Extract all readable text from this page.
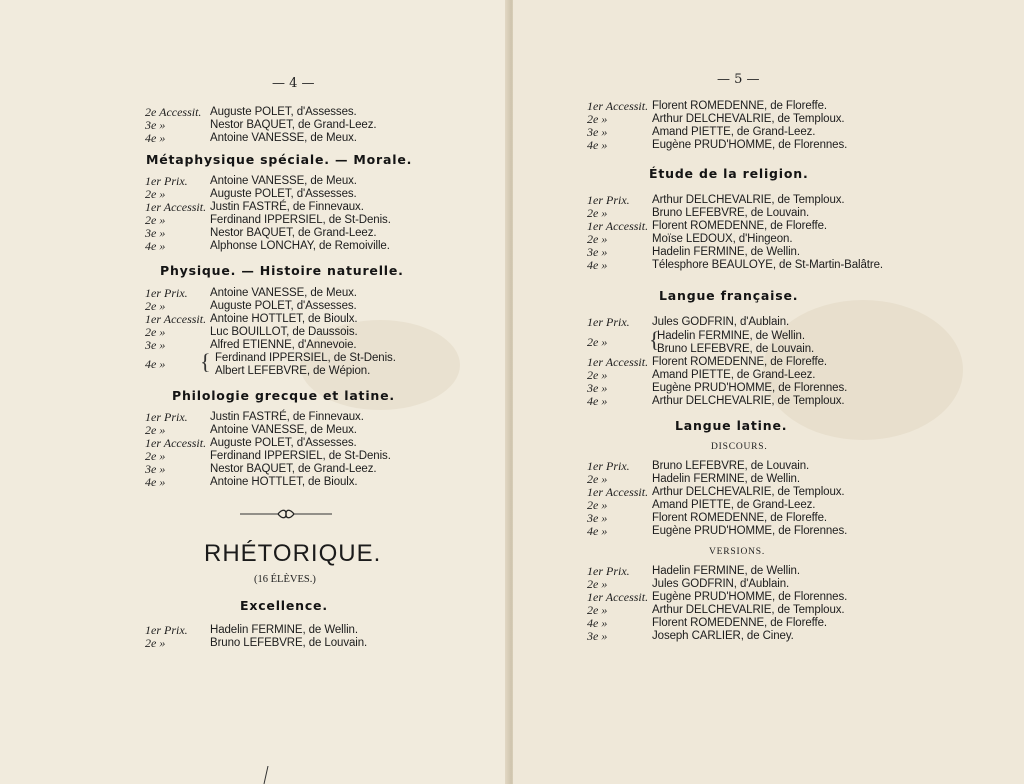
— 4 —
2e Accessit. Auguste POLET, d'Assesses.
3e »	Nestor BAQUET, de Grand-Leez.
4e »	Antoine VANESSE, de Meux.
Métaphysique spéciale. — Morale.
1er Prix.	Antoine VANESSE, de Meux.
2e »	Auguste POLET, d'Assesses.
1er Accessit. Justin FASTRÉ, de Finnevaux.
2e »	Ferdinand IPPERSIEL, de St-Denis.
3e »	Nestor BAQUET, de Grand-Leez.
4e »	Alphonse LONCHAY, de Remoiville.
Physique. — Histoire naturelle.
1er Prix.	Antoine VANESSE, de Meux.
2e »	Auguste POLET, d'Assesses.
1er Accessit. Antoine HOTTLET, de Bioulx.
2e »	Luc BOUILLOT, de Daussois.
3e »	Alfred ETIENNE, d'Annevoie.
4e »	{ Ferdinand IPPERSIEL, de St-Denis.
Albert LEFEBVRE, de Wépion.
Philologie grecque et latine.
1er Prix.	Justin FASTRÉ, de Finnevaux.
2e »	Antoine VANESSE, de Meux.
1er Accessit. Auguste POLET, d'Assesses.
2e »	Ferdinand IPPERSIEL, de St-Denis.
3e »	Nestor BAQUET, de Grand-Leez.
4e »	Antoine HOTTLET, de Bioulx.
RHÉTORIQUE.
(16 ÉLÈVES.)
Excellence.
1er Prix.	Hadelin FERMINE, de Wellin.
2e »	Bruno LEFEBVRE, de Louvain.
— 5 —
1er Accessit. Florent ROMEDENNE, de Floreffe.
2e »	Arthur DELCHEVALRIE, de Temploux.
3e »	Amand PIETTE, de Grand-Leez.
4e »	Eugène PRUD'HOMME, de Florennes.
Étude de la religion.
1er Prix.	Arthur DELCHEVALRIE, de Temploux.
2e »	Bruno LEFEBVRE, de Louvain.
1er Accessit. Florent ROMEDENNE, de Floreffe.
2e »	Moïse LEDOUX, d'Hingeon.
3e »	Hadelin FERMINE, de Wellin.
4e »	Télesphore BEAULOYE, de St-Martin-Balâtre.
Langue française.
1er Prix.	Jules GODFRIN, d'Aublain.
2e »	{
Hadelin FERMINE, de Wellin.
Bruno LEFEBVRE, de Louvain.
1er Accessit. Florent ROMEDENNE, de Floreffe.
2e »	Amand PIETTE, de Grand-Leez.
3e »	Eugène PRUD'HOMME, de Florennes.
4e »	Arthur DELCHEVALRIE, de Temploux.
Langue latine.
DISCOURS.
1er Prix.	Bruno LEFEBVRE, de Louvain.
2e »	Hadelin FERMINE, de Wellin.
1er Accessit. Arthur DELCHEVALRIE, de Temploux.
2e »	Amand PIETTE, de Grand-Leez.
3e »	Florent ROMEDENNE, de Floreffe.
4e »	Eugène PRUD'HOMME, de Florennes.
VERSIONS.
1er Prix.	Hadelin FERMINE, de Wellin.
2e »	Jules GODFRIN, d'Aublain.
1er Accessit. Eugène PRUD'HOMME, de Florennes.
2e »	Arthur DELCHEVALRIE, de Temploux.
4e »	Florent ROMEDENNE, de Floreffe.
3e »	Joseph CARLIER, de Ciney.
